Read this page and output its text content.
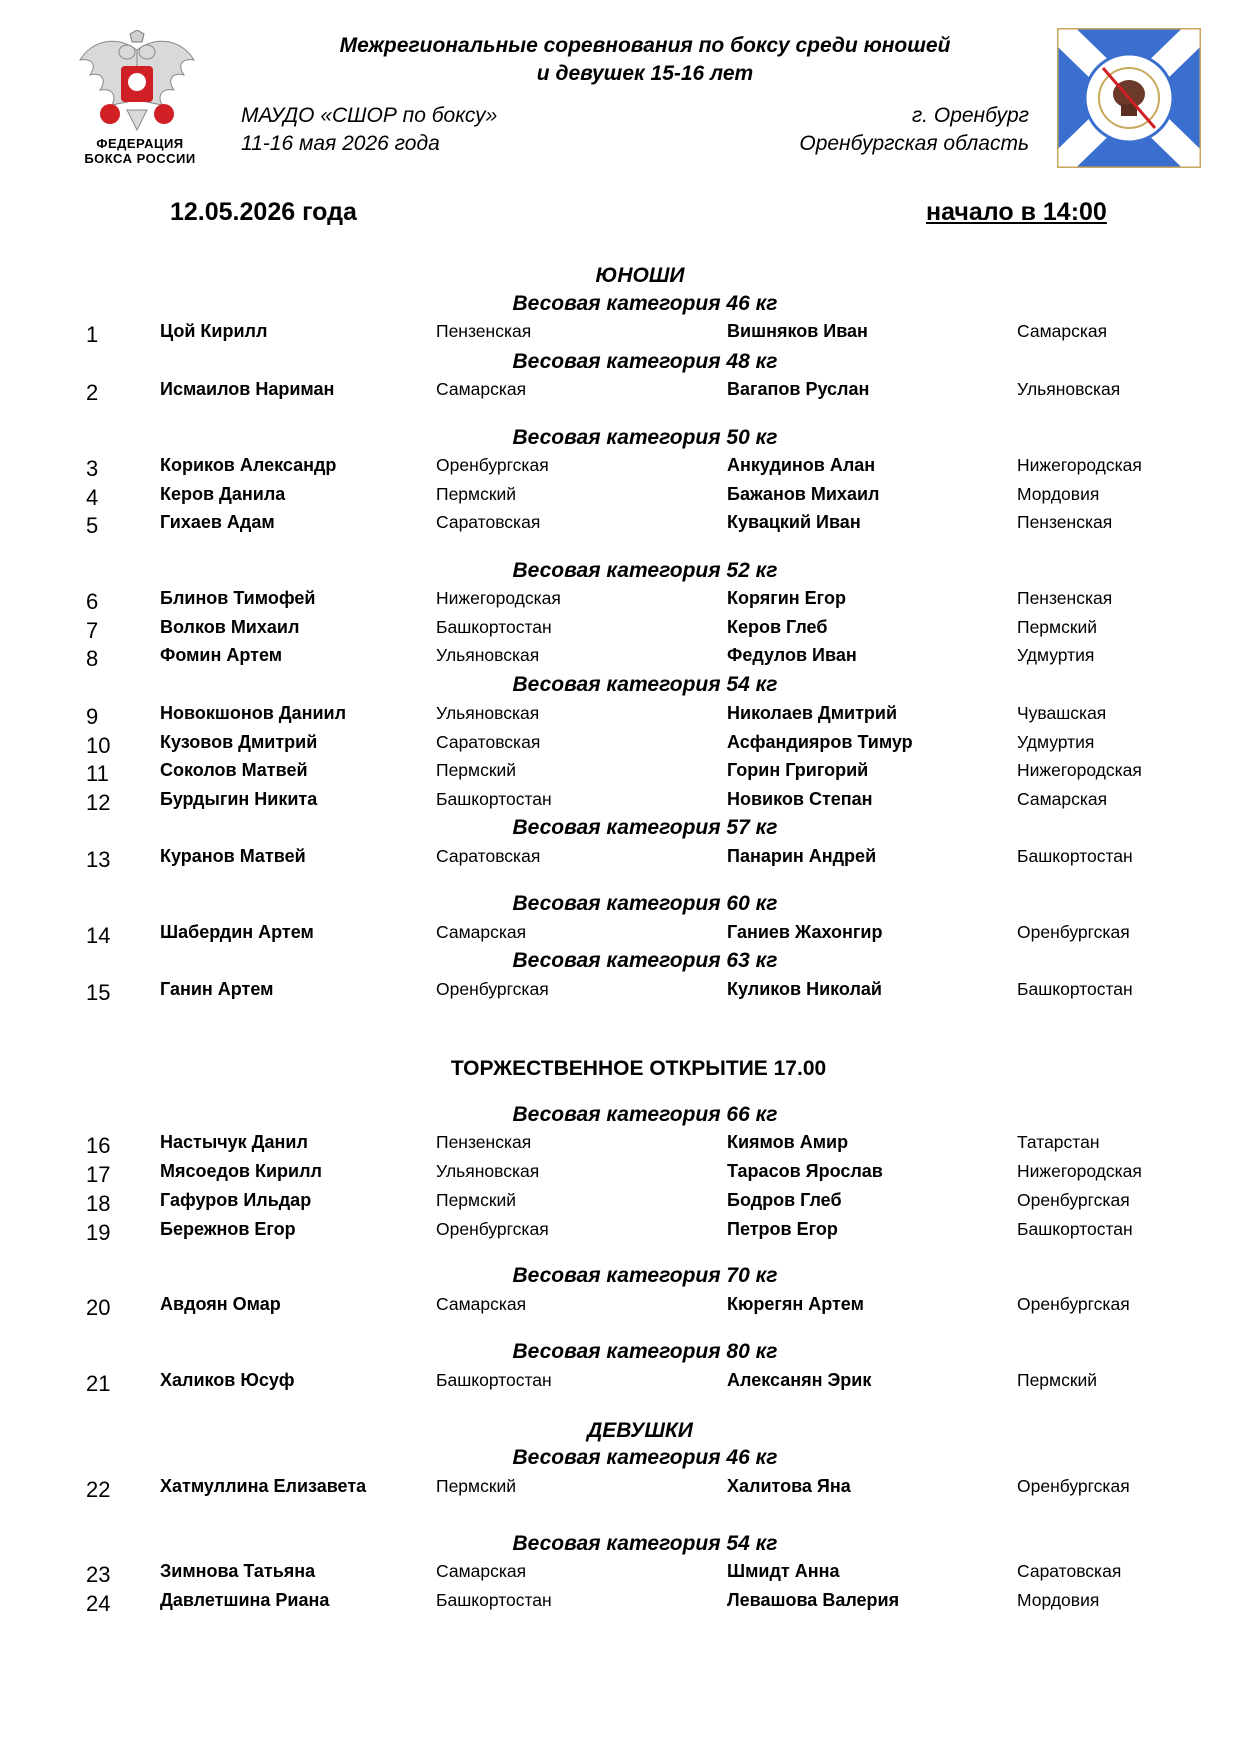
ФЕДЕРАЦИЯ
БОКСА РОССИИ
Межрегиональные соревнования по боксу среди юношей
и девушек 15-16 лет
МАУДО «СШОР по боксу»
11-16 мая 2026 года
г. Оренбург
Оренбургская область
12.05.2026 года	начало в 14:00
ЮНОШИ
ТОРЖЕСТВЕННОЕ ОТКРЫТИЕ 17.00
ДЕВУШКИ
Весовая категория 46 кг
Весовая категория 48 кг
Весовая категория 50 кг
Весовая категория 52 кг
Весовая категория 54 кг
Весовая категория 57 кг
Весовая категория 60 кг
Весовая категория 63 кг
Весовая категория 66 кг
Весовая категория 70 кг
Весовая категория 80 кг
Весовая категория 46 кг
Весовая категория 54 кг
1	Цой Кирилл	Пензенская	Вишняков Иван	Самарская
2	Исмаилов Нариман	Самарская	Вагапов Руслан	Ульяновская
3	Кориков Александр	Оренбургская	Анкудинов Алан	Нижегородская
4	Керов Данила	Пермский	Бажанов Михаил	Мордовия
5	Гихаев Адам	Саратовская	Кувацкий Иван	Пензенская
6	Блинов Тимофей	Нижегородская	Корягин Егор	Пензенская
7	Волков Михаил	Башкортостан	Керов Глеб	Пермский
8	Фомин Артем	Ульяновская	Федулов Иван	Удмуртия
9	Новокшонов Даниил	Ульяновская	Николаев Дмитрий	Чувашская
10	Кузовов Дмитрий	Саратовская	Асфандияров Тимур	Удмуртия
11	Соколов Матвей	Пермский	Горин Григорий	Нижегородская
12	Бурдыгин Никита	Башкортостан	Новиков Степан	Самарская
13	Куранов Матвей	Саратовская	Панарин Андрей	Башкортостан
14	Шабердин Артем	Самарская	Ганиев Жахонгир	Оренбургская
15	Ганин Артем	Оренбургская	Куликов Николай	Башкортостан
16	Настычук Данил	Пензенская	Киямов Амир	Татарстан
17	Мясоедов Кирилл	Ульяновская	Тарасов Ярослав	Нижегородская
18	Гафуров Ильдар	Пермский	Бодров Глеб	Оренбургская
19	Бережнов Егор	Оренбургская	Петров Егор	Башкортостан
20	Авдоян Омар	Самарская	Кюрегян Артем	Оренбургская
21	Халиков Юсуф	Башкортостан	Алексанян Эрик	Пермский
22	Хатмуллина Елизавета	Пермский	Халитова Яна	Оренбургская
23	Зимнова Татьяна	Самарская	Шмидт Анна	Саратовская
24	Давлетшина Риана	Башкортостан	Левашова Валерия	Мордовия
